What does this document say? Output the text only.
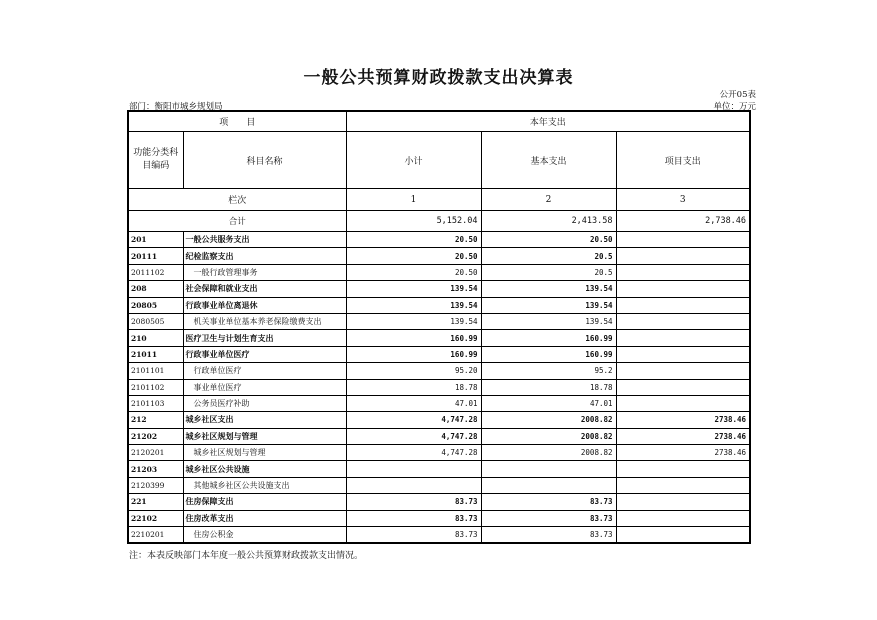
一般公共预算财政拨款支出决算表
公开05表
部门：衡阳市城乡规划局	单位：万元
项　　目		本年支出		
功能分类科目编码	科目名称	小计	基本支出	项目支出
栏次		1	2	3
合计		5,152.04	2,413.58	2,738.46
201	一般公共服务支出	20.50	20.50	
20111	纪检监察支出	20.50	20.5	
2011102	一般行政管理事务	20.50	20.5	
208	社会保障和就业支出	139.54	139.54	
20805	行政事业单位离退休	139.54	139.54	
2080505	机关事业单位基本养老保险缴费支出	139.54	139.54	
210	医疗卫生与计划生育支出	160.99	160.99	
21011	行政事业单位医疗	160.99	160.99	
2101101	行政单位医疗	95.20	95.2	
2101102	事业单位医疗	18.78	18.78	
2101103	公务员医疗补助	47.01	47.01	
212	城乡社区支出	4,747.28	2008.82	2738.46
21202	城乡社区规划与管理	4,747.28	2008.82	2738.46
2120201	城乡社区规划与管理	4,747.28	2008.82	2738.46
21203	城乡社区公共设施			
2120399	其他城乡社区公共设施支出			
221	住房保障支出	83.73	83.73	
22102	住房改革支出	83.73	83.73	
2210201	住房公积金	83.73	83.73	
注：本表反映部门本年度一般公共预算财政拨款支出情况。
